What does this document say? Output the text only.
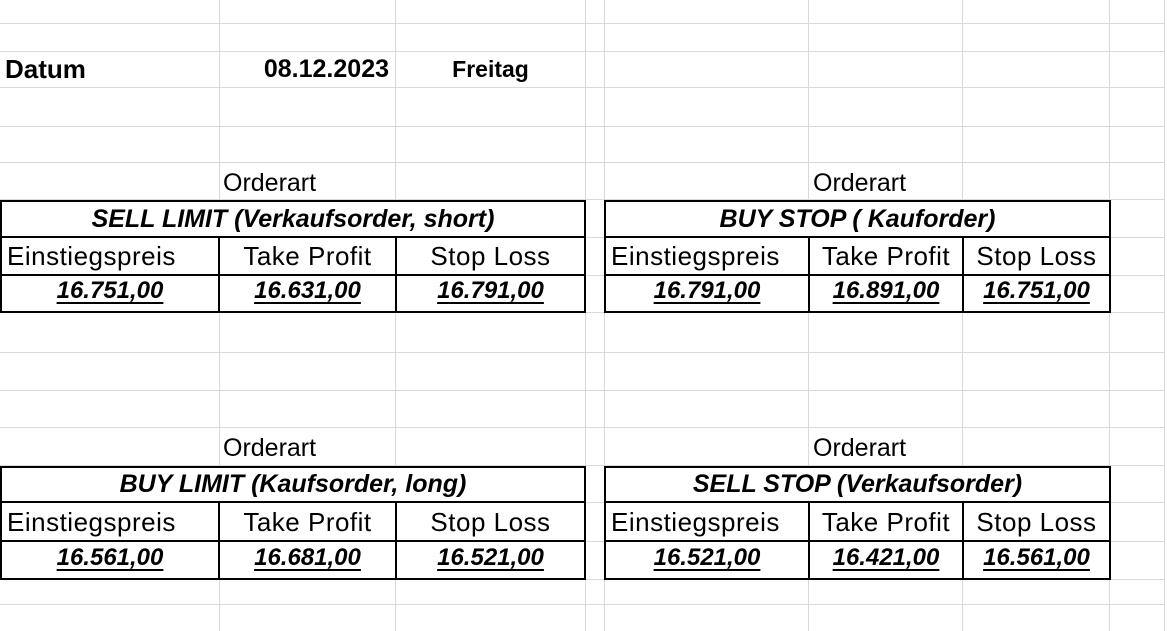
Datum	08.12.2023	Freitag
Orderart	Orderart
Orderart	Orderart
SELL LIMIT (Verkaufsorder, short)
Einstiegspreis	Take Profit	Stop Loss
16.751,00	16.631,00	16.791,00
BUY STOP ( Kauforder)
Einstiegspreis	Take Profit	Stop Loss
16.791,00	16.891,00	16.751,00
BUY LIMIT (Kaufsorder, long)
Einstiegspreis	Take Profit	Stop Loss
16.561,00	16.681,00	16.521,00
SELL STOP (Verkaufsorder)
Einstiegspreis	Take Profit	Stop Loss
16.521,00	16.421,00	16.561,00
